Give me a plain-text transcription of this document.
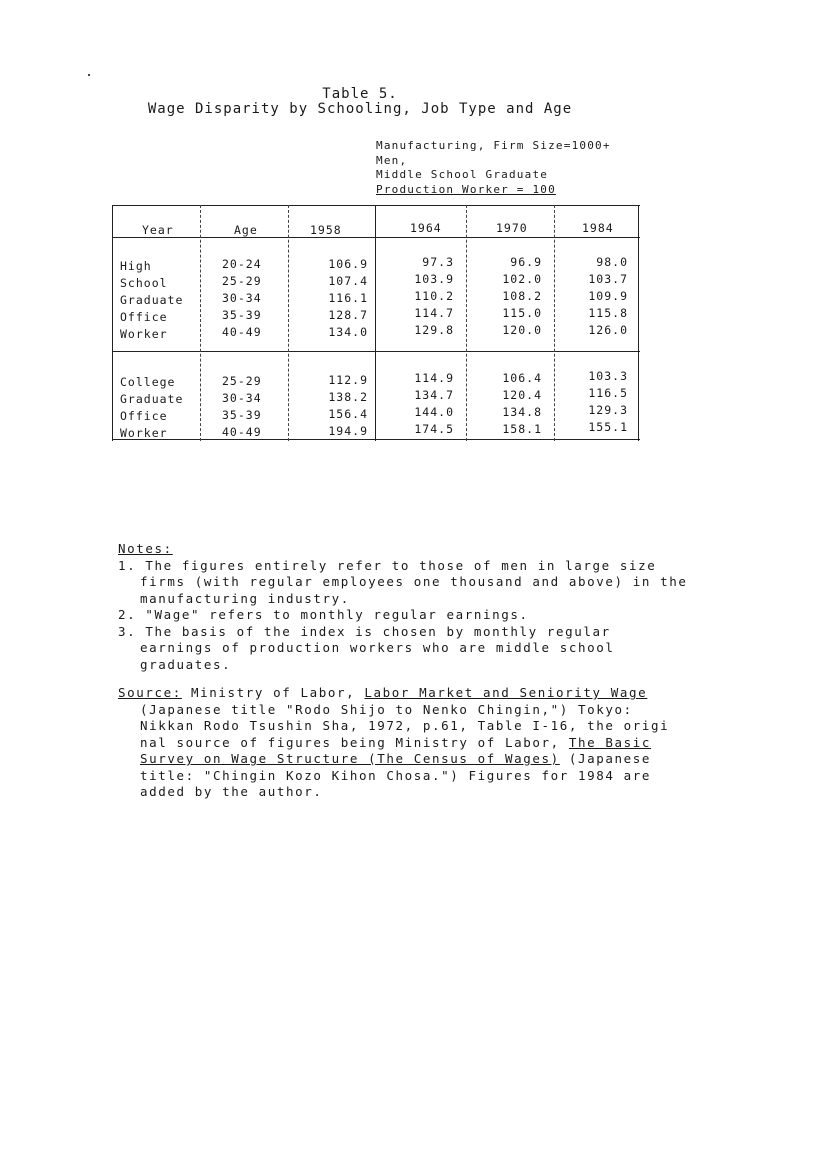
Table 5.
Wage Disparity by Schooling, Job Type and Age
Manufacturing, Firm Size=1000+
Men,
Middle School Graduate
Production Worker = 100
Year	Age	1958	1964	1970	1984
High	20-24	106.9	97.3	96.9	98.0
School	25-29	107.4	103.9	102.0	103.7
Graduate	30-34	116.1	110.2	108.2	109.9
Office	35-39	128.7	114.7	115.0	115.8
Worker	40-49	134.0	129.8	120.0	126.0
College	25-29	112.9	114.9	106.4	103.3
Graduate	30-34	138.2	134.7	120.4	116.5
Office	35-39	156.4	144.0	134.8	129.3
Worker	40-49	194.9	174.5	158.1	155.1
Notes:
1. The figures entirely refer to those of men in large size
firms (with regular employees one thousand and above) in the
manufacturing industry.
2. "Wage" refers to monthly regular earnings.
3. The basis of the index is chosen by monthly regular
earnings of production workers who are middle school
graduates.
Source: Ministry of Labor, Labor Market and Seniority Wage
(Japanese title "Rodo Shijo to Nenko Chingin,") Tokyo:
Nikkan Rodo Tsushin Sha, 1972, p.61, Table I-16, the origi
nal source of figures being Ministry of Labor, The Basic
Survey on Wage Structure (The Census of Wages) (Japanese
title: "Chingin Kozo Kihon Chosa.") Figures for 1984 are
added by the author.
